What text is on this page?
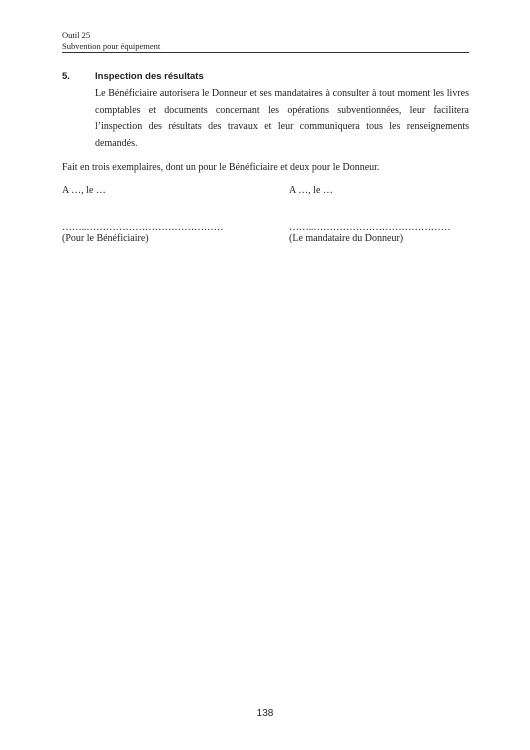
Outil 25
Subvention pour équipement
5.	Inspection des résultats
Le Bénéficiaire autorisera le Donneur et ses mandataires à consulter à tout moment les livres comptables et documents concernant les opérations subventionnées, leur facilitera l’inspection des résultats des travaux et leur communiquera tous les renseignements demandés.
Fait en trois exemplaires, dont un pour le Bénéficiaire et deux pour le Donneur.
A …, le …
……..……………………………………
(Pour le Bénéficiaire)
A …, le …
……..……………………………………
(Le mandataire du Donneur)
138
